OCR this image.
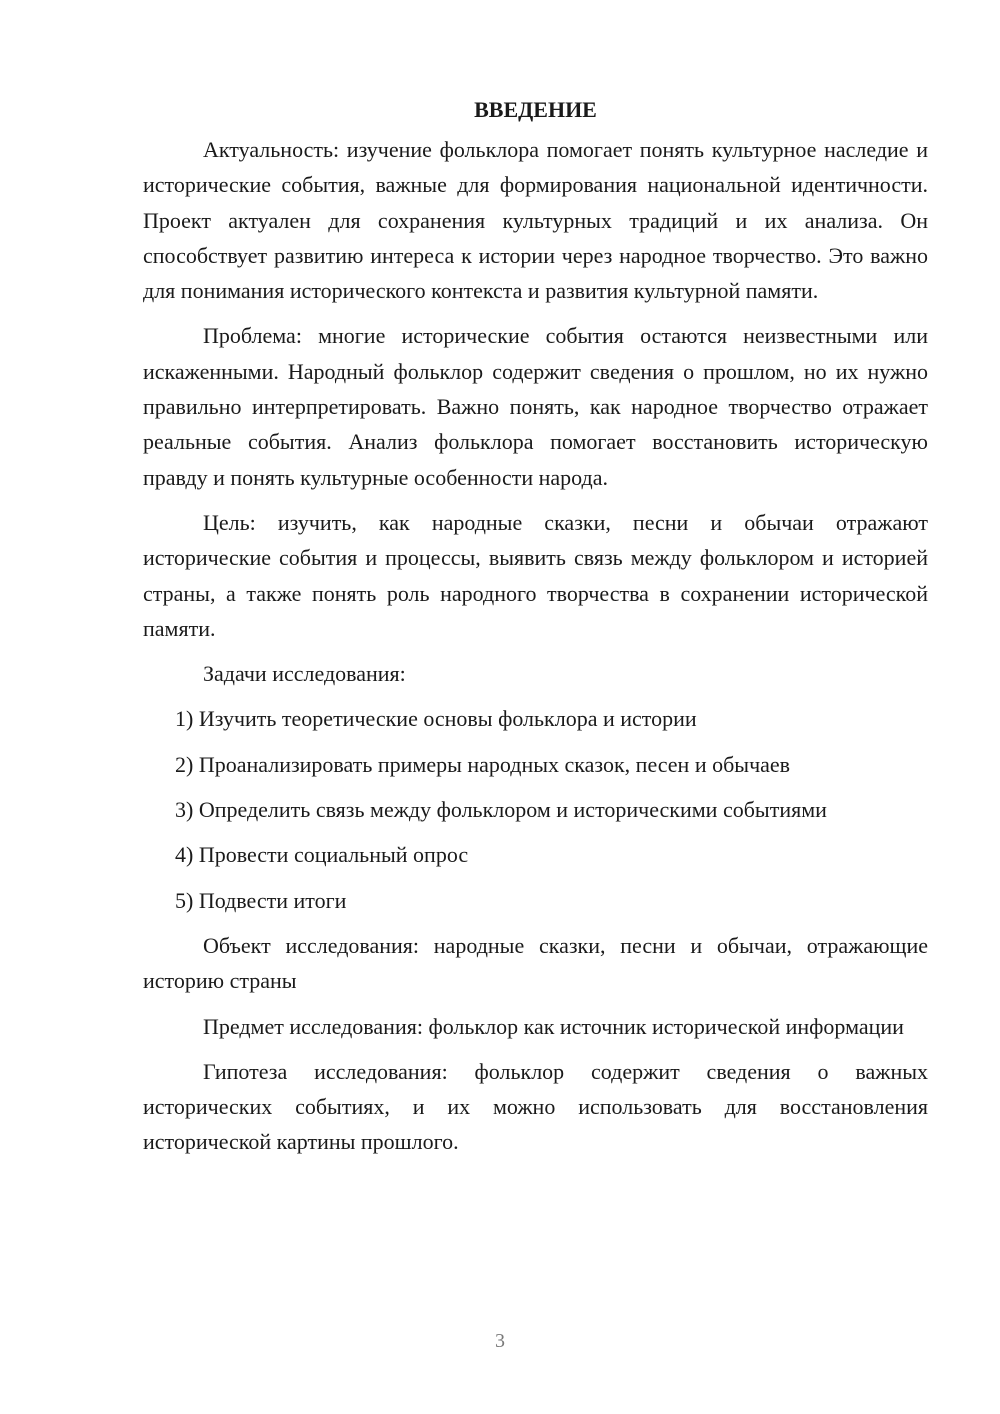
ВВЕДЕНИЕ

Актуальность: изучение фольклора помогает понять культурное наследие и исторические события, важные для формирования национальной идентичности. Проект актуален для сохранения культурных традиций и их анализа. Он способствует развитию интереса к истории через народное творчество. Это важно для понимания исторического контекста и развития культурной памяти.

Проблема: многие исторические события остаются неизвестными или искаженными. Народный фольклор содержит сведения о прошлом, но их нужно правильно интерпретировать. Важно понять, как народное творчество отражает реальные события. Анализ фольклора помогает восстановить историческую правду и понять культурные особенности народа.

Цель: изучить, как народные сказки, песни и обычаи отражают исторические события и процессы, выявить связь между фольклором и историей страны, а также понять роль народного творчества в сохранении исторической памяти.

Задачи исследования:

1) Изучить теоретические основы фольклора и истории
2) Проанализировать примеры народных сказок, песен и обычаев
3) Определить связь между фольклором и историческими событиями
4) Провести социальный опрос
5) Подвести итоги

Объект исследования: народные сказки, песни и обычаи, отражающие историю страны

Предмет исследования: фольклор как источник исторической информации

Гипотеза исследования: фольклор содержит сведения о важных исторических событиях, и их можно использовать для восстановления исторической картины прошлого.

3
